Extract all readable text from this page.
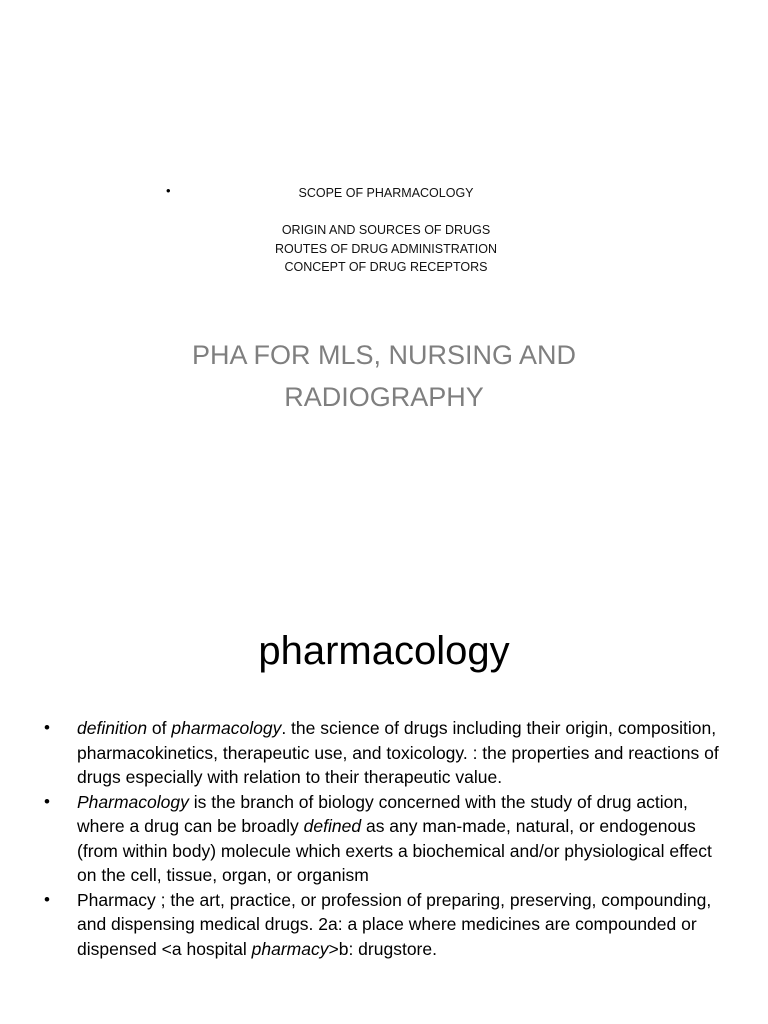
•	SCOPE OF PHARMACOLOGY
ORIGIN AND SOURCES OF DRUGS
ROUTES OF DRUG ADMINISTRATION
CONCEPT OF DRUG RECEPTORS
PHA FOR MLS, NURSING AND
RADIOGRAPHY
pharmacology
• definition of pharmacology. the science of drugs including their origin, composition, pharmacokinetics, therapeutic use, and toxicology. : the properties and reactions of drugs especially with relation to their therapeutic value.
• Pharmacology is the branch of biology concerned with the study of drug action, where a drug can be broadly defined as any man-made, natural, or endogenous (from within body) molecule which exerts a biochemical and/or physiological effect on the cell, tissue, organ, or organism
• Pharmacy ; the art, practice, or profession of preparing, preserving, compounding, and dispensing medical drugs. 2a: a place where medicines are compounded or dispensed <a hospital pharmacy>b: drugstore.
